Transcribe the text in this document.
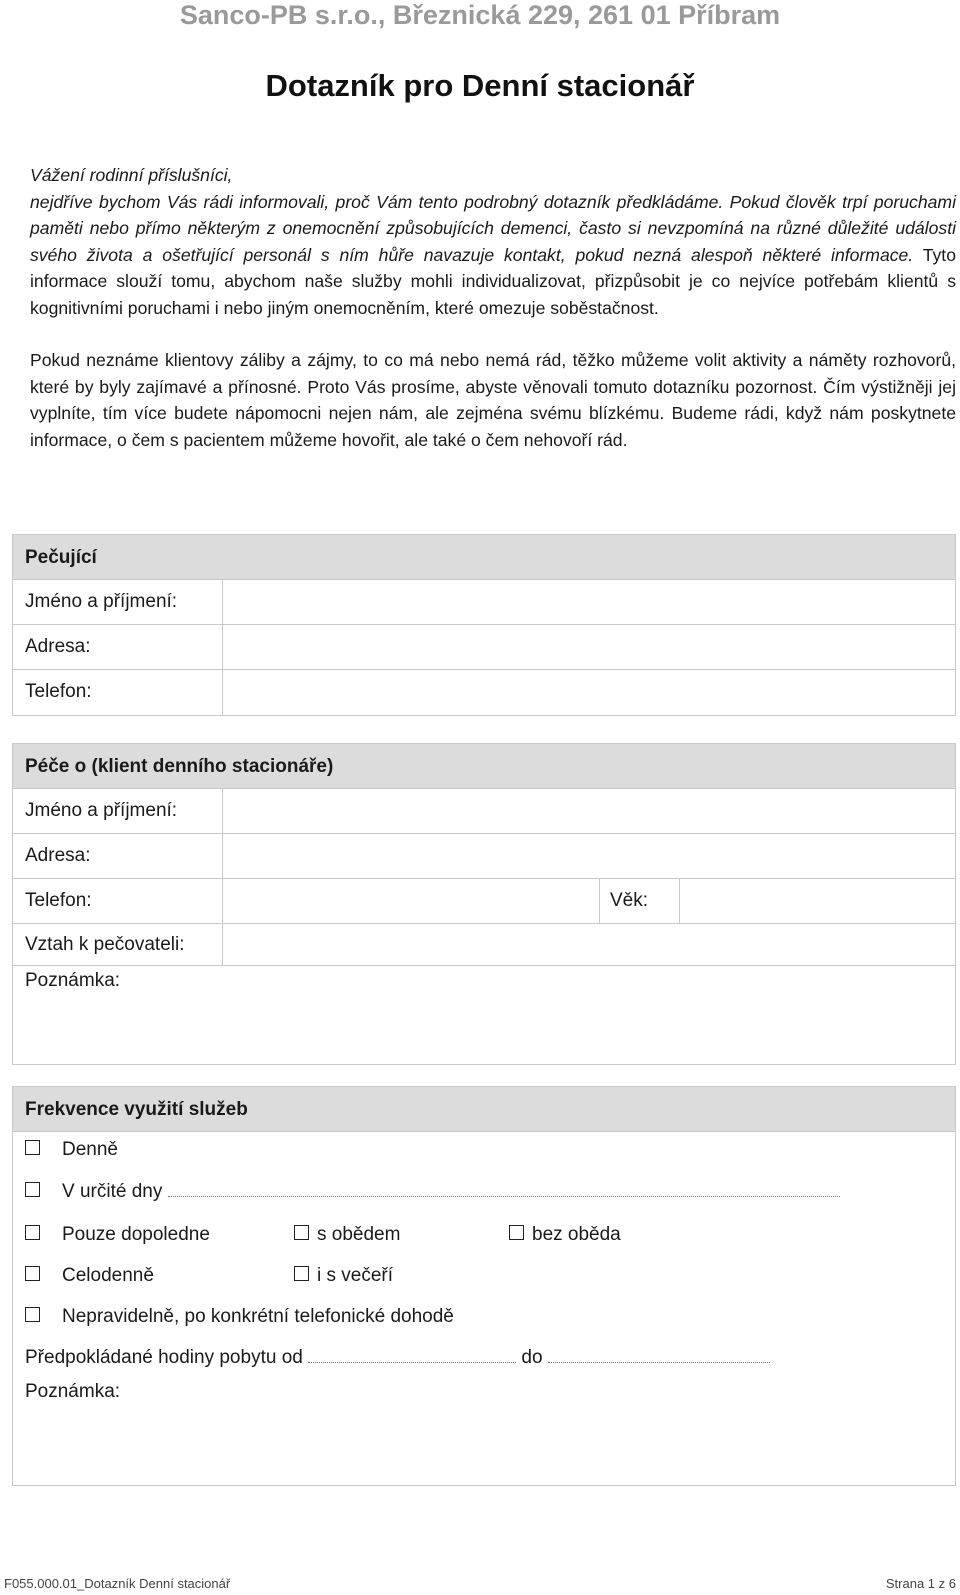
Sanco-PB s.r.o., Březnická 229, 261 01 Příbram
Dotazník pro Denní stacionář

Vážení rodinní příslušníci,

nejdříve bychom Vás rádi informovali, proč Vám tento podrobný dotazník předkládáme. Pokud člověk trpí poruchami paměti nebo přímo některým z onemocnění způsobujících demenci, často si nevzpomíná na různé důležité události svého života a ošetřující personál s ním hůře navazuje kontakt, pokud nezná alespoň některé informace. Tyto informace slouží tomu, abychom naše služby mohli individualizovat, přizpůsobit je co nejvíce potřebám klientů s kognitivními poruchami i nebo jiným onemocněním, které omezuje soběstačnost.

Pokud neznáme klientovy záliby a zájmy, to co má nebo nemá rád, těžko můžeme volit aktivity a náměty rozhovorů, které by byly zajímavé a přínosné. Proto Vás prosíme, abyste věnovali tomuto dotazníku pozornost. Čím výstižněji jej vyplníte, tím více budete nápomocni nejen nám, ale zejména svému blízkému. Budeme rádi, když nám poskytnete informace, o čem s pacientem můžeme hovořit, ale také o čem nehovoří rád.

Pečující
Jméno a příjmení:
Adresa:
Telefon:
Péče o (klient denního stacionáře)
Jméno a příjmení:
Adresa:
Telefon:	Věk:
Vztah k pečovateli:
Poznámka:
Frekvence využití služeb
Denně
V určité dny
Pouze dopoledne	s obědem	bez oběda
Celodenně	i s večeří
Nepravidelně, po konkrétní telefonické dohodě
Předpokládané hodiny pobytu od	do
Poznámka:
F055.000.01_Dotazník Denní stacionář	Strana 1 z 6
